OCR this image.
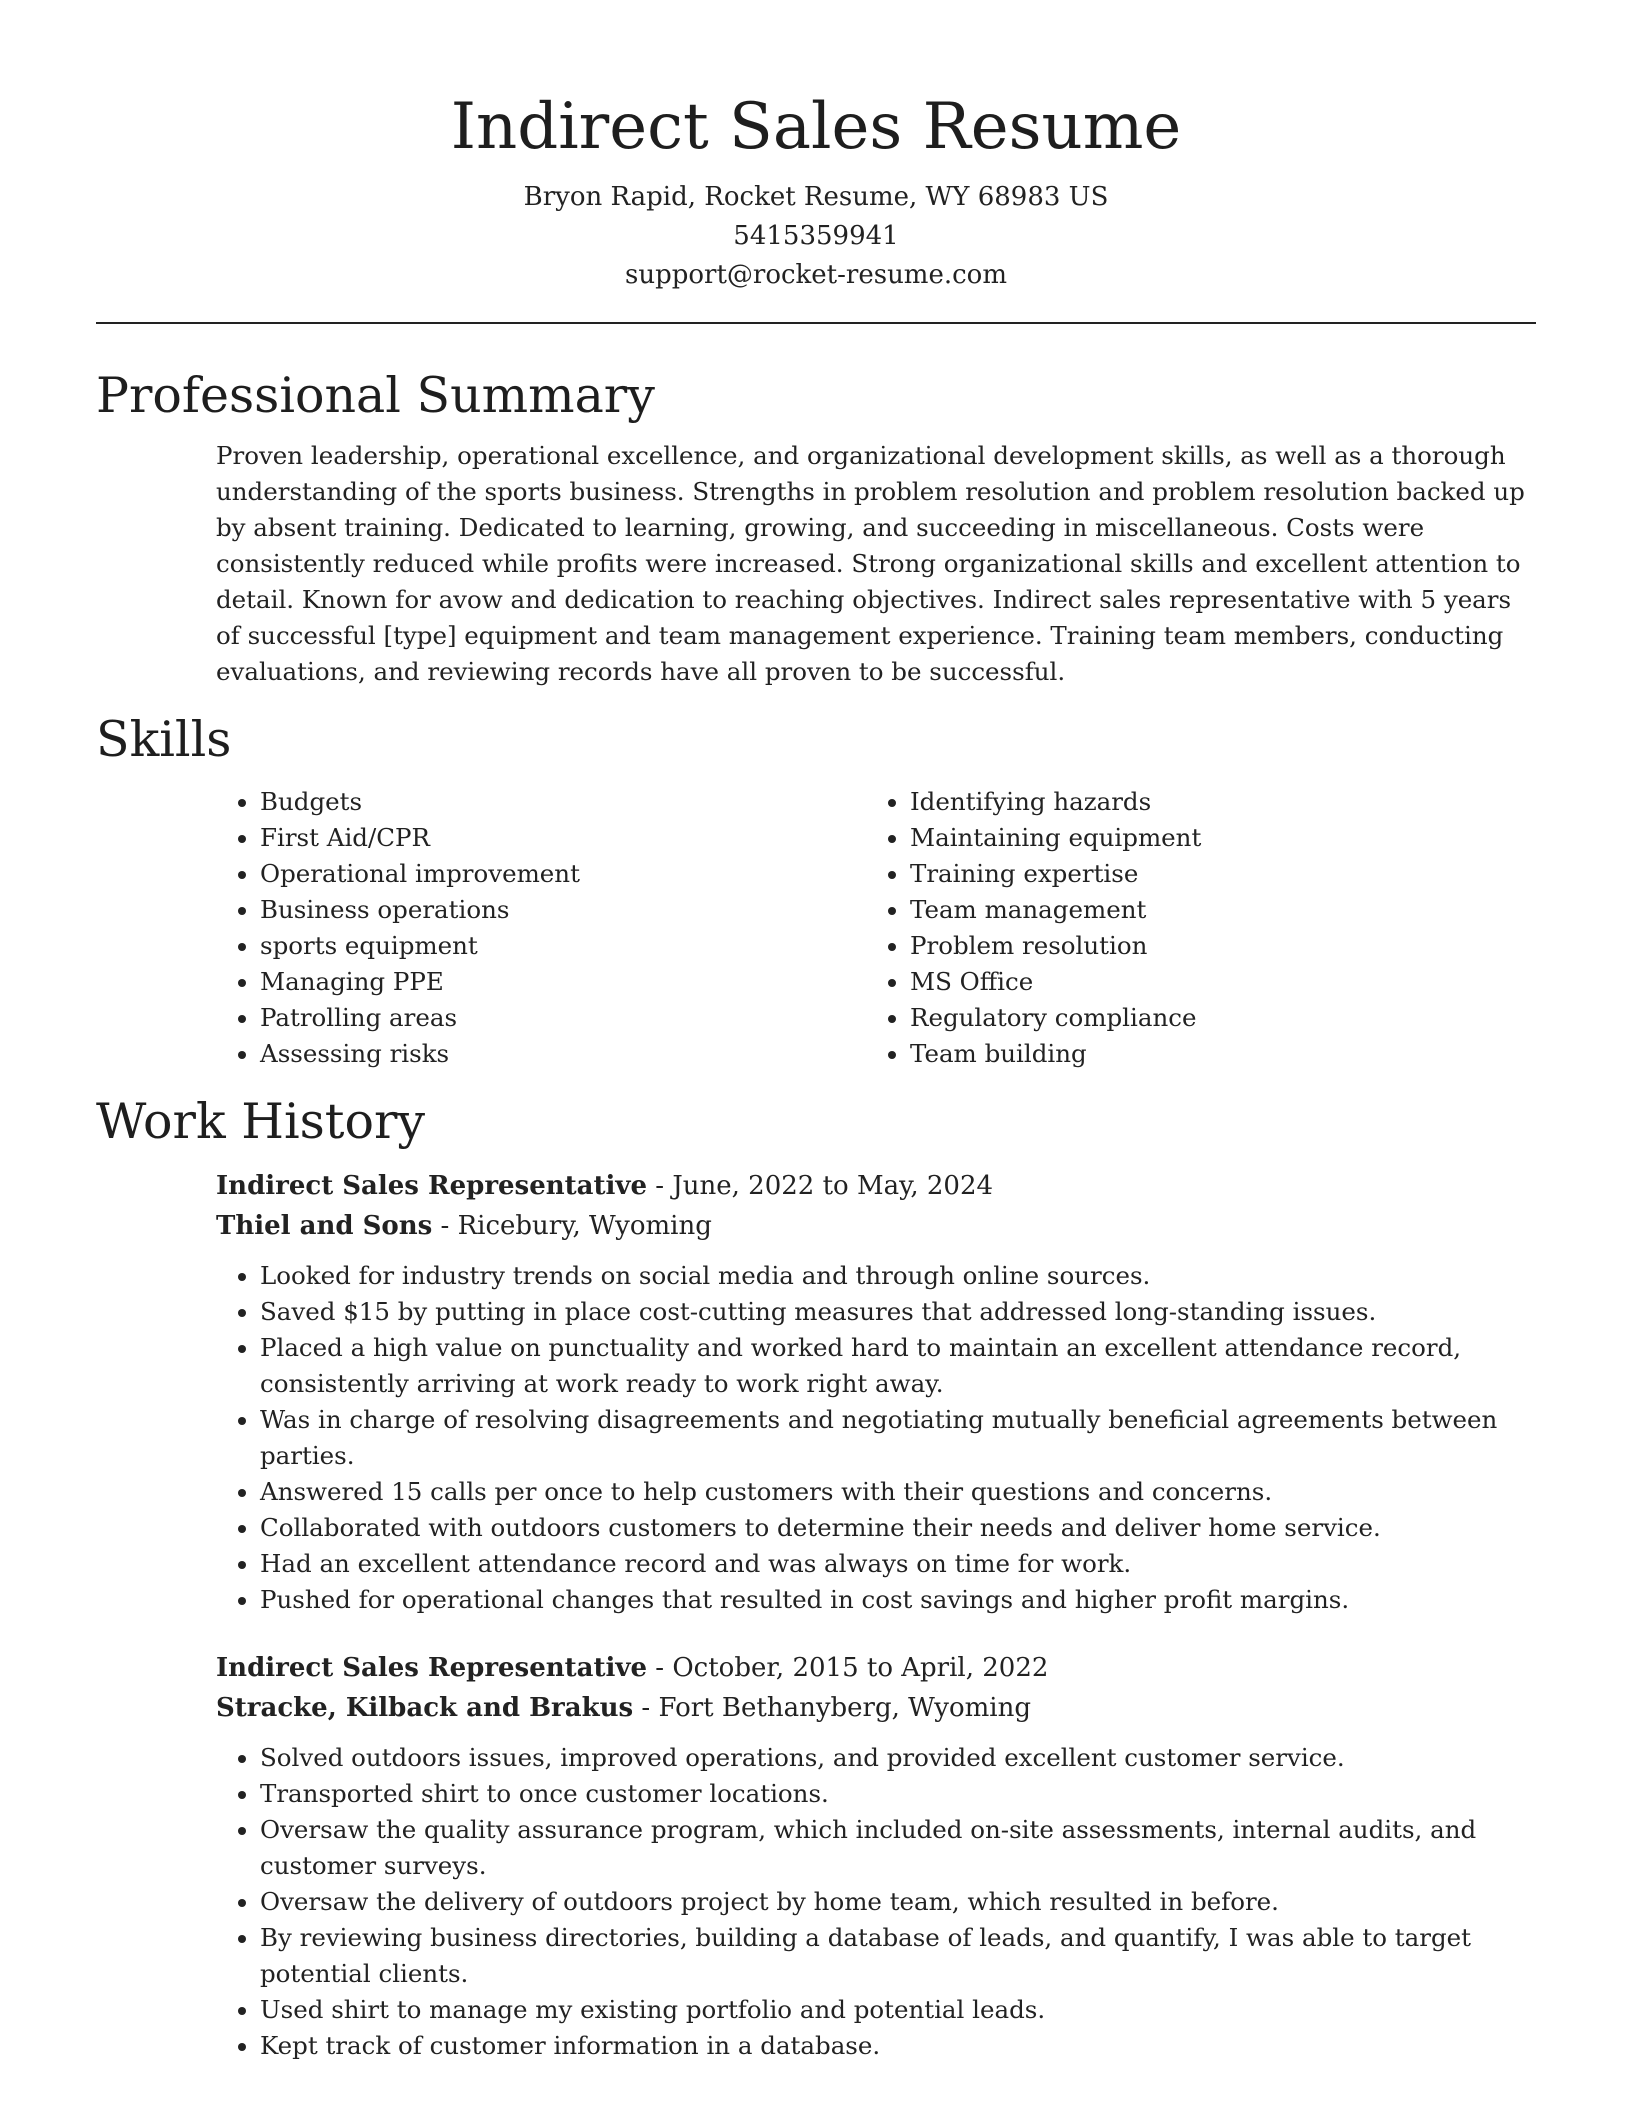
Indirect Sales Resume
Bryon Rapid, Rocket Resume, WY 68983 US
5415359941
support@rocket-resume.com
Professional Summary

Proven leadership, operational excellence, and organizational development skills, as well as a thorough understanding of the sports business. Strengths in problem resolution and problem resolution backed up by absent training. Dedicated to learning, growing, and succeeding in miscellaneous. Costs were consistently reduced while profits were increased. Strong organizational skills and excellent attention to detail. Known for avow and dedication to reaching objectives. Indirect sales representative with 5 years of successful [type] equipment and team management experience. Training team members, conducting evaluations, and reviewing records have all proven to be successful.

Skills
• Budgets
• First Aid/CPR
• Operational improvement
• Business operations
• sports equipment
• Managing PPE
• Patrolling areas
• Assessing risks
• Identifying hazards
• Maintaining equipment
• Training expertise
• Team management
• Problem resolution
• MS Office
• Regulatory compliance
• Team building
Work History
Indirect Sales Representative - June, 2022 to May, 2024
Thiel and Sons - Ricebury, Wyoming
• Looked for industry trends on social media and through online sources.
• Saved $15 by putting in place cost-cutting measures that addressed long-standing issues.
• Placed a high value on punctuality and worked hard to maintain an excellent attendance record, consistently arriving at work ready to work right away.
• Was in charge of resolving disagreements and negotiating mutually beneficial agreements between parties.
• Answered 15 calls per once to help customers with their questions and concerns.
• Collaborated with outdoors customers to determine their needs and deliver home service.
• Had an excellent attendance record and was always on time for work.
• Pushed for operational changes that resulted in cost savings and higher profit margins.
Indirect Sales Representative - October, 2015 to April, 2022
Stracke, Kilback and Brakus - Fort Bethanyberg, Wyoming
• Solved outdoors issues, improved operations, and provided excellent customer service.
• Transported shirt to once customer locations.
• Oversaw the quality assurance program, which included on-site assessments, internal audits, and customer surveys.
• Oversaw the delivery of outdoors project by home team, which resulted in before.
• By reviewing business directories, building a database of leads, and quantify, I was able to target potential clients.
• Used shirt to manage my existing portfolio and potential leads.
• Kept track of customer information in a database.
